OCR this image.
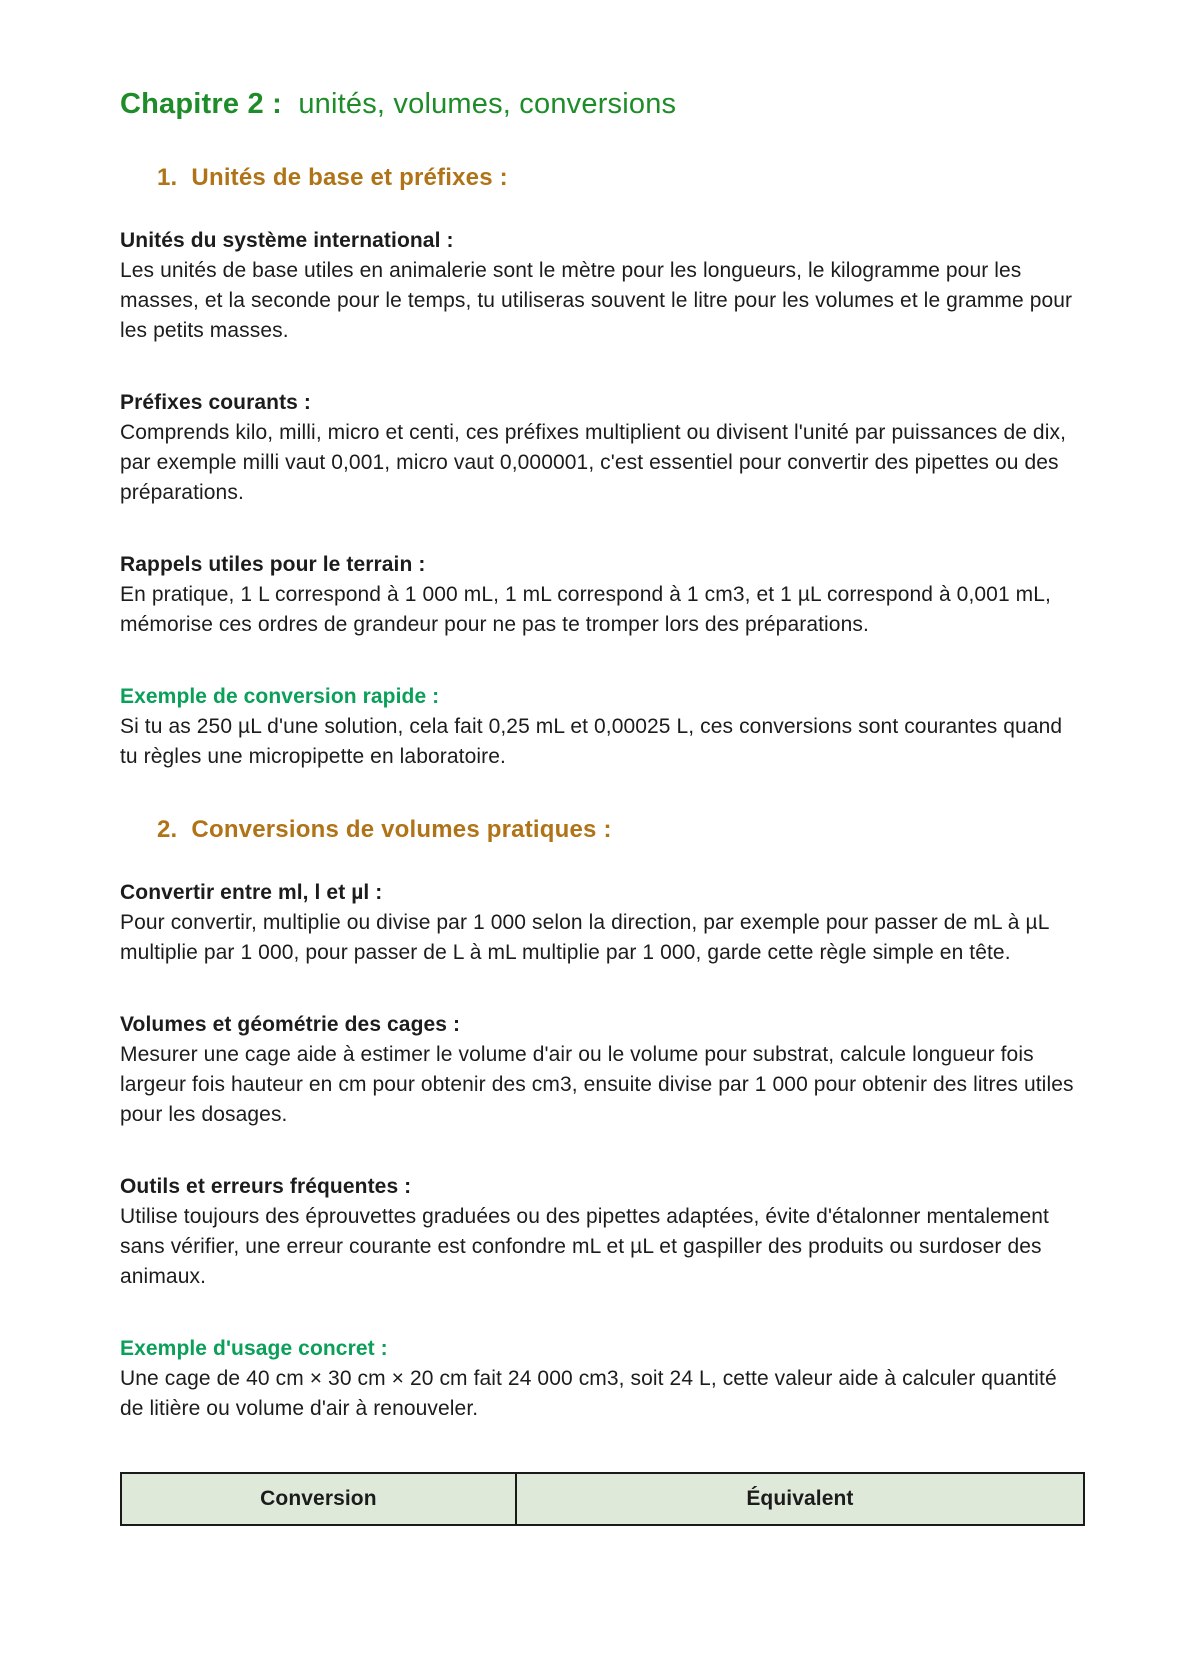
Chapitre 2 : unités, volumes, conversions
1. Unités de base et préfixes :
Unités du système international :

Les unités de base utiles en animalerie sont le mètre pour les longueurs, le kilogramme pour les masses, et la seconde pour le temps, tu utiliseras souvent le litre pour les volumes et le gramme pour les petits masses.

Préfixes courants :

Comprends kilo, milli, micro et centi, ces préfixes multiplient ou divisent l'unité par puissances de dix, par exemple milli vaut 0,001, micro vaut 0,000001, c'est essentiel pour convertir des pipettes ou des préparations.

Rappels utiles pour le terrain :

En pratique, 1 L correspond à 1 000 mL, 1 mL correspond à 1 cm3, et 1 µL correspond à 0,001 mL, mémorise ces ordres de grandeur pour ne pas te tromper lors des préparations.

Exemple de conversion rapide :

Si tu as 250 µL d'une solution, cela fait 0,25 mL et 0,00025 L, ces conversions sont courantes quand tu règles une micropipette en laboratoire.

2. Conversions de volumes pratiques :
Convertir entre ml, l et µl :

Pour convertir, multiplie ou divise par 1 000 selon la direction, par exemple pour passer de mL à µL multiplie par 1 000, pour passer de L à mL multiplie par 1 000, garde cette règle simple en tête.

Volumes et géométrie des cages :

Mesurer une cage aide à estimer le volume d'air ou le volume pour substrat, calcule longueur fois largeur fois hauteur en cm pour obtenir des cm3, ensuite divise par 1 000 pour obtenir des litres utiles pour les dosages.

Outils et erreurs fréquentes :

Utilise toujours des éprouvettes graduées ou des pipettes adaptées, évite d'étalonner mentalement sans vérifier, une erreur courante est confondre mL et µL et gaspiller des produits ou surdoser des animaux.

Exemple d'usage concret :

Une cage de 40 cm × 30 cm × 20 cm fait 24 000 cm3, soit 24 L, cette valeur aide à calculer quantité de litière ou volume d'air à renouveler.

Conversion	Équivalent
